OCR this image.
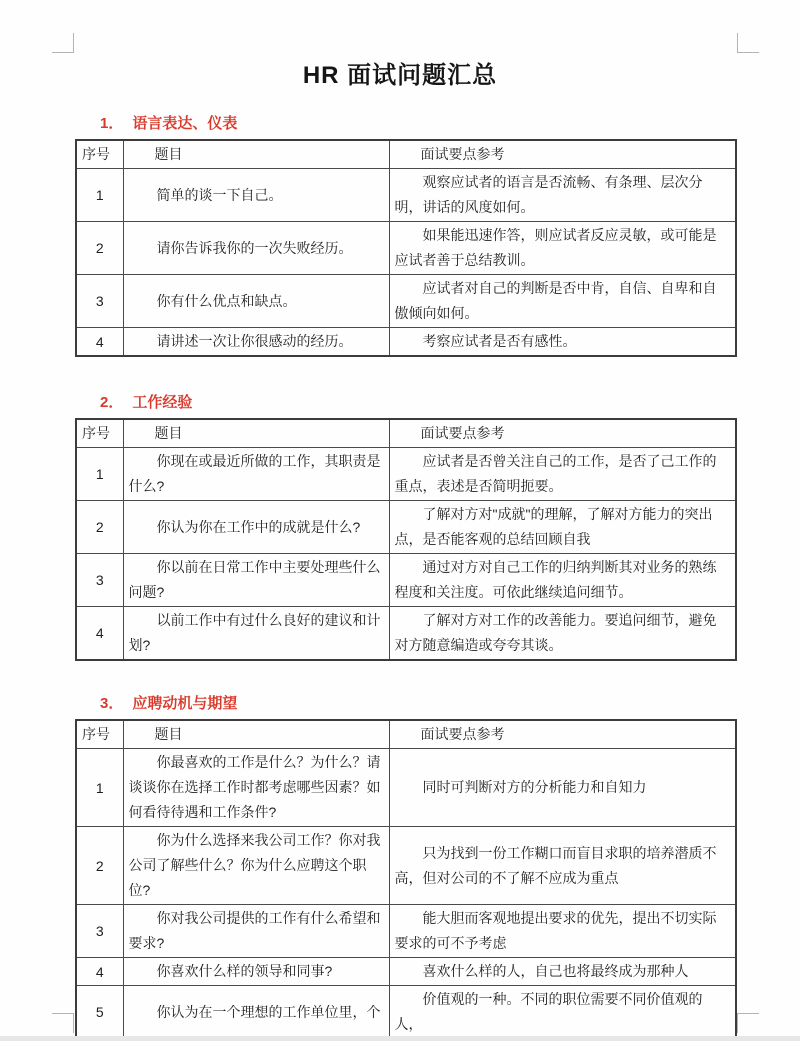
HR 面试问题汇总
1． 语言表达、仪表
序号	题目	面试要点参考
1	简单的谈一下自己。	观察应试者的语言是否流畅、有条理、层次分明，讲话的风度如何。

2	请你告诉我你的一次失败经历。	如果能迅速作答，则应试者反应灵敏，或可能是应试者善于总结教训。

3	你有什么优点和缺点。	应试者对自己的判断是否中肯，自信、自卑和自傲倾向如何。

4	请讲述一次让你很感动的经历。	考察应试者是否有感性。

2． 工作经验
序号	题目	面试要点参考
1	你现在或最近所做的工作，其职责是什么?	应试者是否曾关注自己的工作，是否了己工作的重点，表述是否简明扼要。

2	你认为你在工作中的成就是什么?	了解对方对"成就"的理解，了解对方能力的突出点，是否能客观的总结回顾自我

3	你以前在日常工作中主要处理些什么问题?	通过对方对自己工作的归纳判断其对业务的熟练程度和关注度。可依此继续追问细节。

4	以前工作中有过什么良好的建议和计划?	了解对方对工作的改善能力。要追问细节，避免对方随意编造或夸夸其谈。

3． 应聘动机与期望
序号	题目	面试要点参考
1	你最喜欢的工作是什么？为什么？请谈谈你在选择工作时都考虑哪些因素？如何看待待遇和工作条件?	同时可判断对方的分析能力和自知力

2	你为什么选择来我公司工作？你对我公司了解些什么？你为什么应聘这个职位?	只为找到一份工作糊口而盲目求职的培养潜质不高，但对公司的不了解不应成为重点

3	你对我公司提供的工作有什么希望和要求?	能大胆而客观地提出要求的优先，提出不切实际要求的可不予考虑

4	你喜欢什么样的领导和同事?	喜欢什么样的人，自己也将最终成为那种人

5	你认为在一个理想的工作单位里，个	价值观的一种。不同的职位需要不同价值观的人，
